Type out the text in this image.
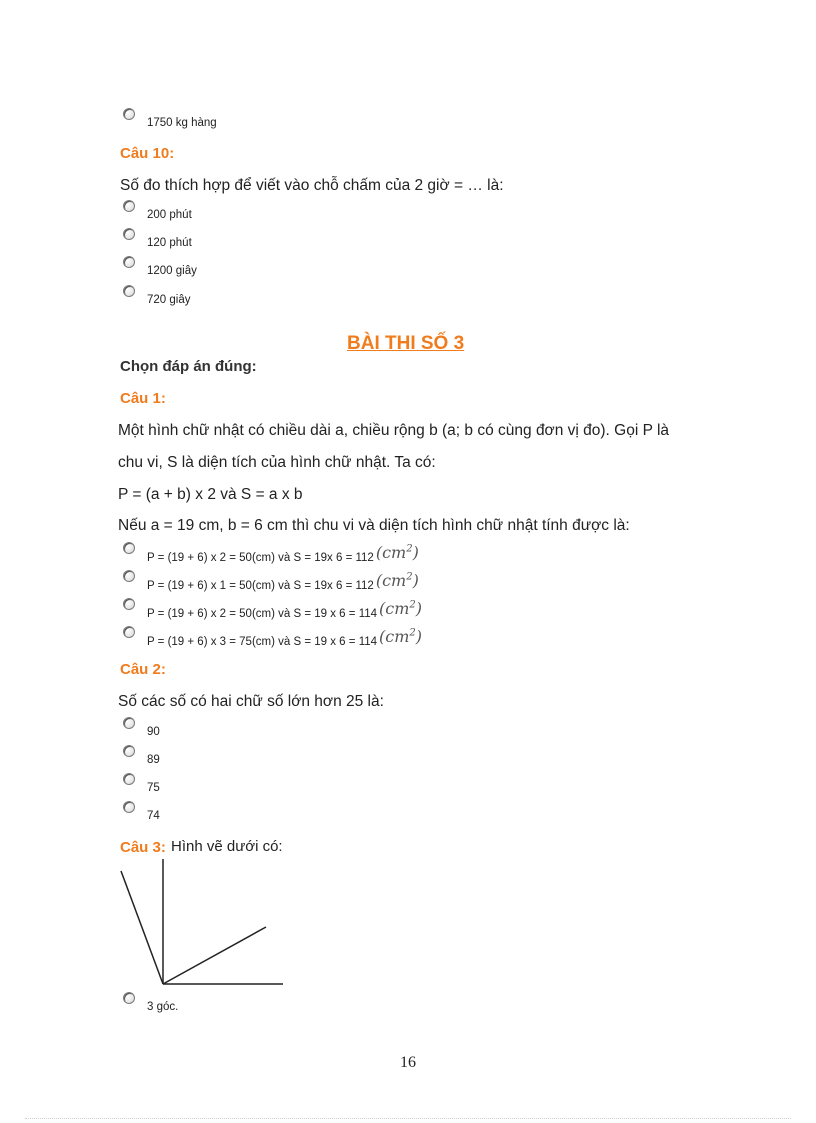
1750 kg hàng
Câu 10:
Số đo thích hợp để viết vào chỗ chấm của 2 giờ = … là:
200 phút
120 phút
1200 giây
720 giây
BÀI THI SỐ 3
Chọn đáp án đúng:
Câu 1:
Một hình chữ nhật có chiều dài a, chiều rộng b (a; b có cùng đơn vị đo). Gọi P là
chu vi, S là diện tích của hình chữ nhật. Ta có:
P = (a + b) x 2 và S = a x b
Nếu a = 19 cm, b = 6 cm thì chu vi và diện tích hình chữ nhật tính được là:
P = (19 + 6) x 2 = 50(cm) và S = 19x 6 = 112 $(cm^2)$
P = (19 + 6) x 1 = 50(cm) và S = 19x 6 = 112 $(cm^2)$
P = (19 + 6) x 2 = 50(cm) và S = 19 x 6 = 114 $(cm^2)$
P = (19 + 6) x 3 = 75(cm) và S = 19 x 6 = 114 $(cm^2)$
Câu 2:
Số các số có hai chữ số lớn hơn 25 là:
90
89
75
74
Câu 3: Hình vẽ dưới có:
3 góc.
16
